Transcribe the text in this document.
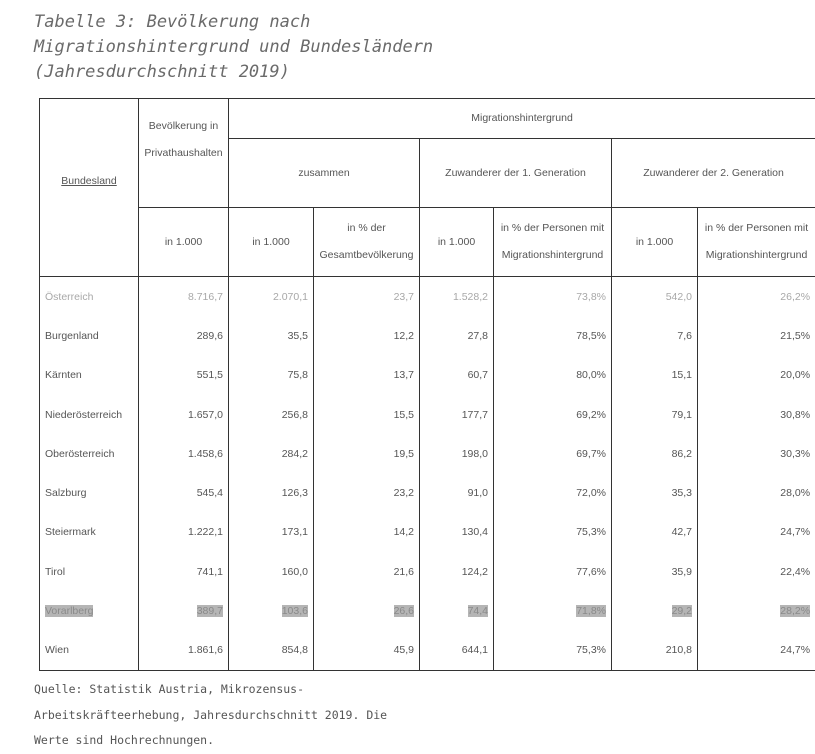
Tabelle 3: Bevölkerung nach
Migrationshintergrund und Bundesländern
(Jahresdurchschnitt 2019)
Bundesland	Bevölkerung in Privathaushalten	Migrationshintergrund					
		zusammen		Zuwanderer der 1. Generation		Zuwanderer der 2. Generation	
	in 1.000	in 1.000	in % der Gesamtbevölkerung	in 1.000	in % der Personen mit Migrationshintergrund	in 1.000	in % der Personen mit Migrationshintergrund
Österreich	8.716,7	2.070,1	23,7	1.528,2	73,8%	542,0	26,2%
Burgenland	289,6	35,5	12,2	27,8	78,5%	7,6	21,5%
Kärnten	551,5	75,8	13,7	60,7	80,0%	15,1	20,0%
Niederösterreich	1.657,0	256,8	15,5	177,7	69,2%	79,1	30,8%
Oberösterreich	1.458,6	284,2	19,5	198,0	69,7%	86,2	30,3%
Salzburg	545,4	126,3	23,2	91,0	72,0%	35,3	28,0%
Steiermark	1.222,1	173,1	14,2	130,4	75,3%	42,7	24,7%
Tirol	741,1	160,0	21,6	124,2	77,6%	35,9	22,4%
Vorarlberg	389,7	103,6	26,6	74,4	71,8%	29,2	28,2%
Wien	1.861,6	854,8	45,9	644,1	75,3%	210,8	24,7%

Quelle: Statistik Austria, Mikrozensus-Arbeitskräfteerhebung, Jahresdurchschnitt 2019. Die Werte sind Hochrechnungen.
